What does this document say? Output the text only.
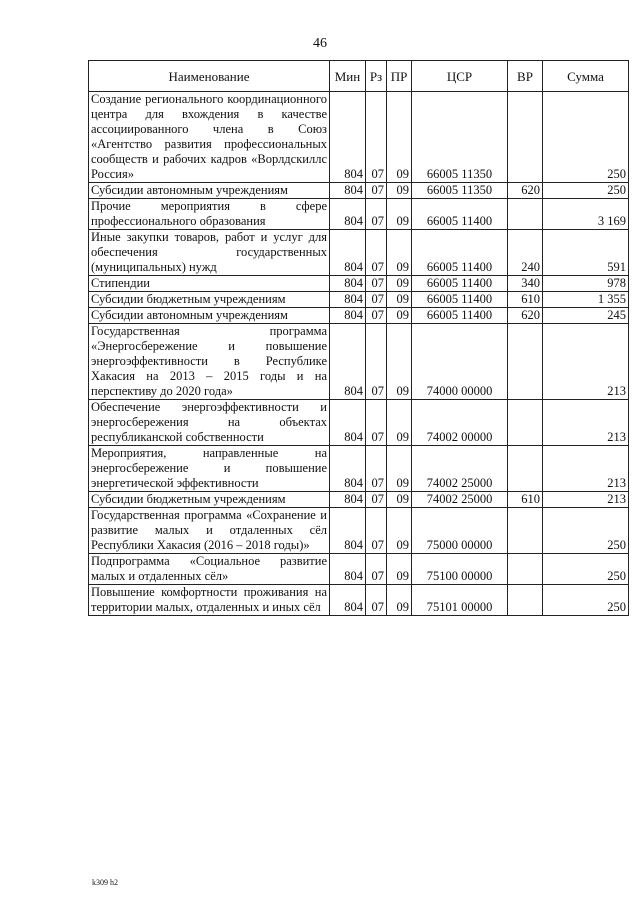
46
Наименование	Мин	Рз	ПР	ЦСР	ВР	Сумма
Создание регионального координационного центра для вхождения в качестве ассоциированного члена в Союз «Агентство развития профессиональных сообществ и рабочих кадров «Ворлдскиллс Россия»	804	07	09	66005 11350		250
Субсидии автономным учреждениям	804	07	09	66005 11350	620	250
Прочие мероприятия в сфере профессионального образования	804	07	09	66005 11400		3 169
Иные закупки товаров, работ и услуг для обеспечения государственных (муниципальных) нужд	804	07	09	66005 11400	240	591
Стипендии	804	07	09	66005 11400	340	978
Субсидии бюджетным учреждениям	804	07	09	66005 11400	610	1 355
Субсидии автономным учреждениям	804	07	09	66005 11400	620	245
Государственная программа «Энергосбережение и повышение энергоэффективности в Республике Хакасия на 2013 – 2015 годы и на перспективу до 2020 года»	804	07	09	74000 00000		213
Обеспечение энергоэффективности и энергосбережения на объектах республиканской собственности	804	07	09	74002 00000		213
Мероприятия, направленные на энергосбережение и повышение энергетической эффективности	804	07	09	74002 25000		213
Субсидии бюджетным учреждениям	804	07	09	74002 25000	610	213
Государственная программа «Сохранение и развитие малых и отдаленных сёл Республики Хакасия (2016 – 2018 годы)»	804	07	09	75000 00000		250
Подпрограмма «Социальное развитие малых и отдаленных сёл»	804	07	09	75100 00000		250
Повышение комфортности проживания на территории малых, отдаленных и иных сёл	804	07	09	75101 00000		250
k309 h2
